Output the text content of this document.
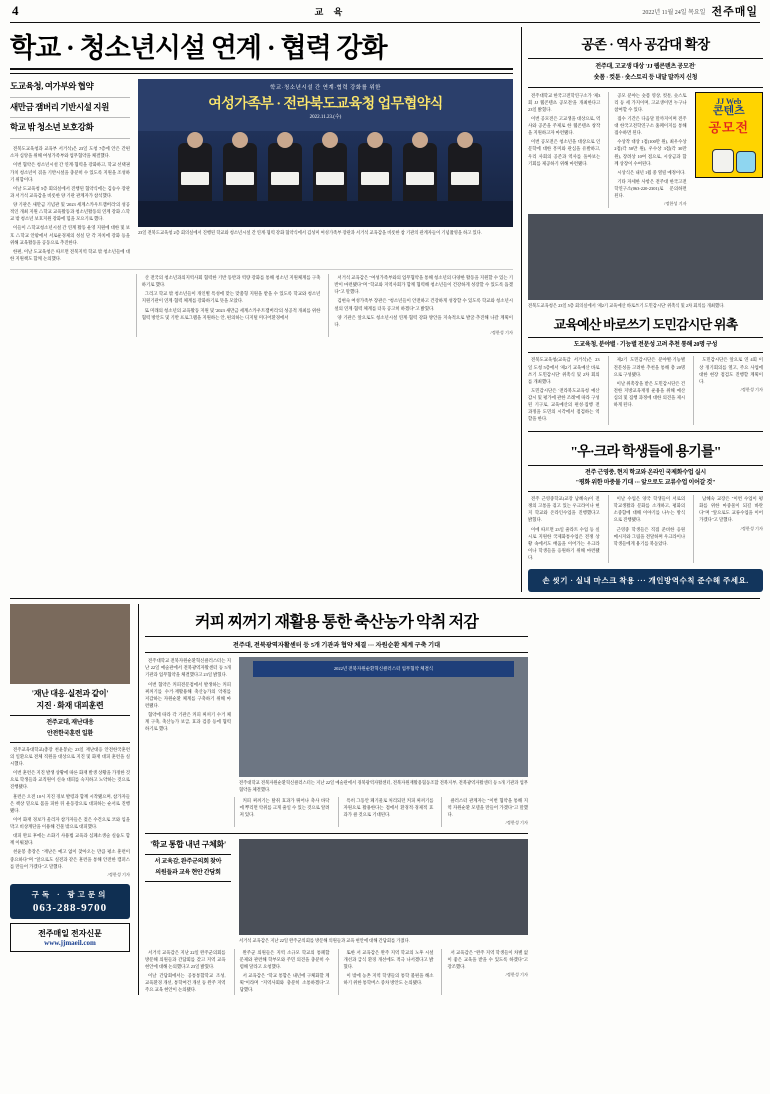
4	교 육	2022년 11월 24일 목요일 전주매일
학교 · 청소년시설 연계 · 협력 강화
도교육청, 여가부와 협약
새만금 잼버리 기반시설 지원
학교 밖 청소년 보호강화

전북도교육청과 교육부 서거석)은 23일 도청 7층에 안은 간편소자 심앙을 위해 여성가족부와 업무협약을 체결했다.

이번 협약은 청소년시설 간 연계·협력을 강화하고, 학교 선택권 가치 청소년이 겪을 기반시설을 충분히 수 있도록 지원을 조성하기 위함이다.

이날 도교육청 5층 회의실에서 진행된 협약식에는 김승수 장관과 서거석 교육감을 비롯한 양 기관 관계자가 참석했다.

양 기관은 새만금 기념관 및 '2023 세계스카우트잼버리'의 성공적인 개최 지원 △학교 교육활동과 청소년활동의 연계 강화 △학교 밖 청소년 보호지원 강화에 힘을 모으기로 했다.

이들이 △학교청소년시설 간 연계 활동 운영 지원에 대한 및 보호 △학교 안팎에서 서로운경제의 성실 단 각 자치에 강화 등을 위해 교육활동을 공동으로 추진한다.

한편, 이날 도교육청은 따르면 전북지역 학교 밖 청소년들에 대한 지원책도 함께 논의했다.

학교·청소년시설 간 연계·협력 강화를 위한
여성가족부 · 전라북도교육청 업무협약식
2022.11.23.(수)
23일 전북도교육청 2층 회의실에서 진행된 학교와 청소년시설 간 연계·협력 강화 협약식에서 김성미 여성가족부 장관과 서거석 교육감을 비롯한 참 기관의 관계자들이 기념촬영을 하고 있다.

산 전국의 청소년과의지역사회 협력한 기반 동반과 역량 강화를 통해 청소년 지원체계를 구축하기로 했다.

그리고 학교 밖 청소년들이 개인별 특성에 맞는 맞춤형 지원을 받을 수 있도록 학교와 청소년 지원기관이 연계·협력 체계를 강화하기로 뜻을 모았다.

또 미래의 청소년의 교육활동 지원 및 '2023 새만금 세계스카우트잼버리'의 성공적 개최를 위한 협력 방안도 및 기반 프로그램을 지원하는 안, 편의하는 디지털 미디어환경에서

서거석 교육감은 "여성가족부와의 업무협약을 통해 청소년의 다양한 활동을 지원할 수 있는 기반이 마련됐다"며 "학교와 지역사회가 함께 협력해 청소년들이 건강하게 성장할 수 있도록 돕겠다"고 말했다.

김현숙 여성가족부 장관은 "청소년들이 안전하고 건강하게 성장할 수 있도록 학교와 청소년시설의 연계·협력 체계를 더욱 공고히 하겠다"고 밝혔다.

양 기관은 앞으로도 청소년시설 연계·협력 강화 방안을 지속적으로 발굴·추진해 나갈 계획이다.

/정한성 기자
공존 · 역사 공감대 확장
전주대, 고교생 대상 'JJ 웹콘텐츠 공모전'
숏폼 · 컷툰 · 숏스토리 등 내달 말까지 신청

전주대학교 한국고전학연구소가 '제3회 JJ 웹콘텐츠 공모전'을 개최한다고 23일 밝혔다.

이번 공모전은 고교생을 대상으로, 역사와 공존을 주제로 한 웹콘텐츠 창작을 지원하고자 마련됐다.

이번 공모전은 청소년을 대상으로 인문학에 대한 흥미와 관심을 유발하고, 우리 사회의 공존과 역사를 돌아보는 기회를 제공하기 위해 마련됐다.

공모 분야는 숏폼 영상, 컷툰, 숏스토리 등 세 가지이며, 고교생이면 누구나 참여할 수 있다.

접수 기간은 다음달 말까지이며 전주대 한국고전학연구소 홈페이지를 통해 접수하면 된다.

수상작 대상 1점(100만 원), 최우수상 2점(각 50만 원), 우수상 3점(각 30만 원), 장려상 10여 점으로, 시상금과 함께 상장이 수여된다.

시상식은 내년 1월 중 열릴 예정이다.

기타 자세한 사항은 전주대 한국고전학연구소(063-220-2301)로 문의하면 된다.

/정한성 기자
JJ Web
콘텐츠
공모전
전북도교육청은 23일 5층 회의실에서 '제2기 교육예산 바로쓰기 도민감시단' 위촉식 및 2차 회의를 개최했다.
교육예산 바로쓰기 도민감시단 위촉
도교육청, 분야별 · 기능별 전문성 고려 추천 통해 20명 구성

전북도교육청(교육감 서거석)은 23일 도청 5층에서 '제2기 교육예산 바로쓰기 도민감시단' 위촉식 및 2차 회의를 개최했다.

도민감시단은 '전라북도교육청 예산 감시 및 평가에 관한 조례'에 따라 구성된 기구로, 교육예산의 편성·집행 전 과정을 도민의 시각에서 점검하는 역할을 한다.

제2기 도민감시단은 분야별·기능별 전문성을 고려한 추천을 통해 총 20명으로 구성됐다.

이날 위촉장을 받은 도민감시단은 건전한 지방교육재정 운용을 위해 예산 심의 및 집행 과정에 대한 의견을 제시하게 된다.

도민감시단은 앞으로 연 4회 이상 정기회의를 열고, 주요 사업에 대한 현장 점검도 진행할 계획이다.

/정한성 기자
"우·크라 학생들에 용기를"
전주 근영중, 현지 학교와 온라인 국제화수업 실시
"평화 위한 마중물 기대 ··· 앞으로도 교류수업 이어갈 것"

전주 근영중학교(교장 남혜숙)이 전쟁의 고통을 겪고 있는 우크라이나 현지 학교와 온라인수업을 진행했다고 밝혔다.

이에 따르면 23일 줄라트 수업 등 실시로 지원한 국제화통수업은 전쟁 상황 속에서도 배움을 이어가는 우크라이나 학생들을 응원하기 위해 마련됐다.

이날 수업은 양국 학생들이 서로의 학교생활과 문화를 소개하고, 평화의 소중함에 대해 이야기를 나누는 방식으로 진행됐다.

근영중 학생들은 직접 준비한 응원 메시지와 그림을 전달하며 우크라이나 학생들에게 용기를 북돋았다.

남혜숙 교장은 "이번 수업이 평화를 위한 마중물이 되길 바란다"며 "앞으로도 교류수업을 이어가겠다"고 말했다.

/정한성 기자
손 씻기 · 실내 마스크 착용 ··· 개인방역수칙 준수해 주세요.
'재난 대응·실전과 같이'
지진 · 화재 대피훈련
전주교대, 재난대응
안전한국훈련 일환

전주교육대학교(총장 천윤봉)는 23일 재난대응 안전한국훈련의 일환으로 전체 직원을 대상으로 지진 및 화재 대피 훈련을 실시했다.

이번 훈련은 지진 발생 상황에 따른 화재 발생 상황을 가정한 것으로 학생들과 교직원이 신속 대피를 숙지하고 노약하는 것으로 진행됐다.

훈련은 오전 10시 지진 경보 발령과 함께 시작됐으며, 참가자들은 책상 밑으로 몸을 피한 뒤 운동장으로 대피하는 순서로 진행됐다.

이어 화재 경보가 울리자 참가자들은 젖은 수건으로 코와 입을 막고 비상계단을 이용해 건물 밖으로 대피했다.

대피 완료 후에는 소화기 사용법 교육과 심폐소생술 실습도 함께 이뤄졌다.

천윤봉 총장은 "재난은 예고 없이 찾아오는 만큼 평소 훈련이 중요하다"며 "앞으로도 실전과 같은 훈련을 통해 안전한 캠퍼스를 만들어 가겠다"고 말했다.

/정한성 기자
구독 · 광고문의
063-288-9700
전주매일 전자신문
www.jjmaeil.com
커피 찌꺼기 재활용 통한 축산농가 악취 저감
전주대, 전북광역자활센터 등 5개 기관과 협약 체결 ··· 자원순환 체계 구축 기대

전주대학교 전북자원순환혁신클러스터는 지난 22일 예술관에서 전북광역자활센터 등 5개 기관과 업무협약을 체결했다고 23일 밝혔다.

이번 협약은 커피전문점에서 발생하는 커피 찌꺼기를 수거·재활용해 축산농가의 악취를 저감하는 자원순환 체계를 구축하기 위해 마련됐다.

협약에 따라 각 기관은 커피 찌꺼기 수거 체계 구축, 축산농가 보급, 효과 검증 등에 협력하기로 했다.

2022년 전북자원순환혁신클러스터 업무협약 체결식
전주대학교 전북자원순환혁신클러스터는 지난 22일 예술관에서 경북광역자활센터, 전북자원재활용협동조합 전북지부, 전북광역자활센터 등 5개 기관과 업무협약을 체결했다.

커피 찌꺼기는 탈취 효과가 뛰어나 축사 바닥에 뿌리면 악취를 크게 줄일 수 있는 것으로 알려져 있다.

특히 그동안 폐기물로 처리되던 커피 찌꺼기를 자원으로 활용한다는 점에서 환경적·경제적 효과가 클 것으로 기대된다.

클러스터 관계자는 "이번 협약을 통해 지역 자원순환 모델을 만들어 가겠다"고 말했다.

/정한성 기자
'학교 통합 내년 구체화'
서 교육감, 완주군의회 찾아
의원들과 교육 현안 간담회
서거석 교육감은 지난 22일 완주군의회를 방문해 의원들과 교육 현안에 대해 간담회를 가졌다.

서거석 교육감은 지난 22일 완주군의회를 방문해 의원들과 간담회를 갖고 지역 교육 현안에 대해 논의했다고 23일 밝혔다.

이날 간담회에서는 공통통합학교 조성, 교육환경 개선, 통학여건 개선 등 완주 지역 주요 교육 현안이 논의됐다.

완주군 의원들은 지역 소규모 학교의 통폐합 문제와 관련해 학부모와 주민 의견을 충분히 수렴해 달라고 요청했다.

서 교육감은 "학교 통합은 내년에 구체화할 계획"이라며 "지역사회와 충분히 소통하겠다"고 답했다.

또한 서 교육감은 완주 지역 학교의 노후 시설 개선과 급식 환경 개선에도 적극 나서겠다고 밝혔다.

이 밖에 농촌 지역 학생들의 통학 불편을 해소하기 위한 통학버스 증차 방안도 논의됐다.

서 교육감은 "완주 지역 학생들이 차별 없이 좋은 교육을 받을 수 있도록 하겠다"고 강조했다.

/정한성 기자
